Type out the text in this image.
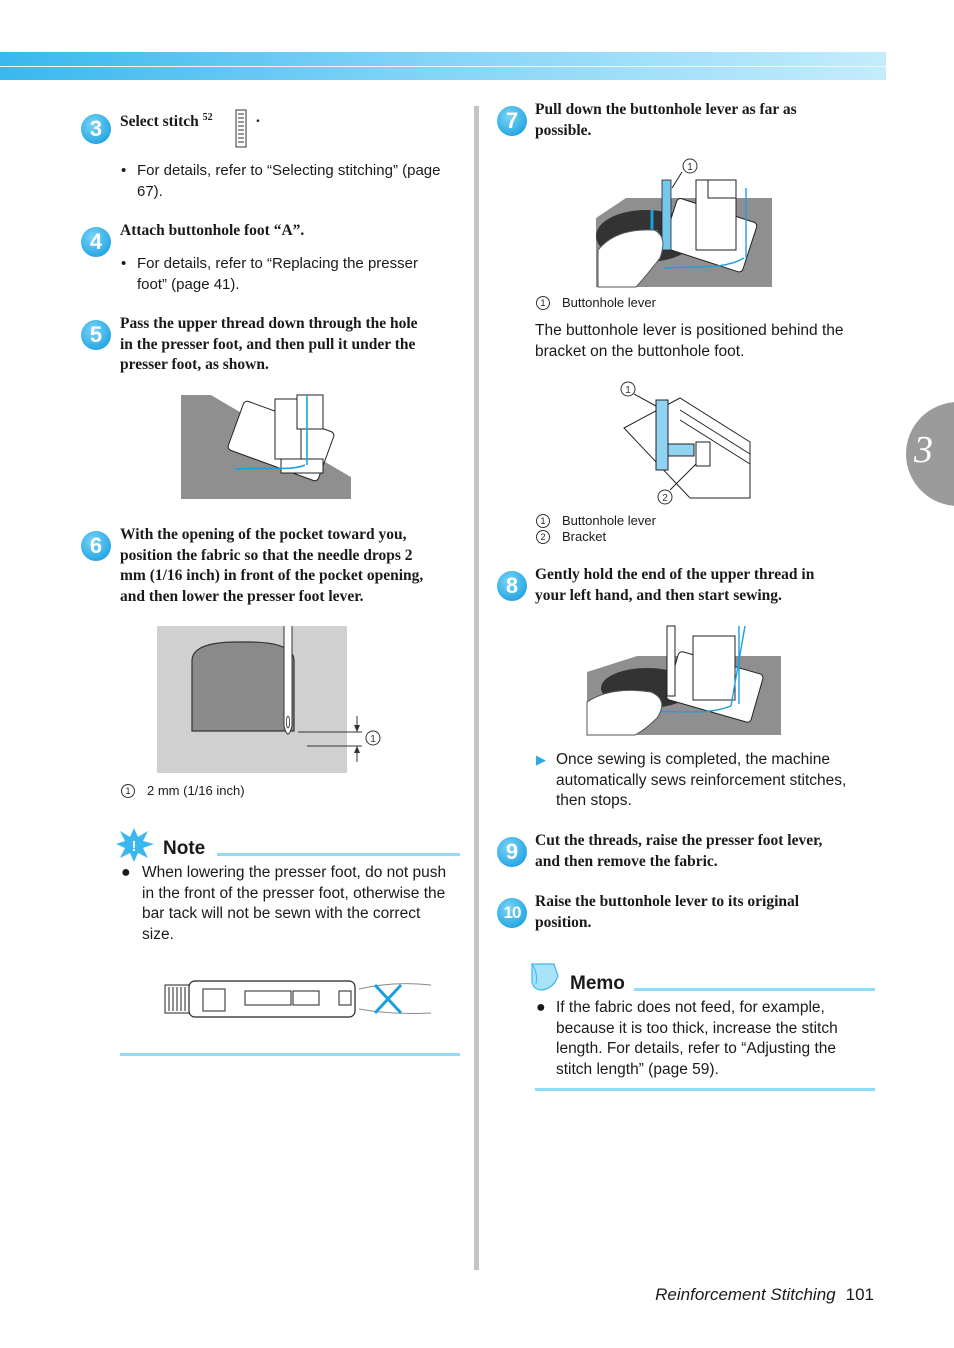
3
3	Select stitch $^{52}$	.
• For details, refer to “Selecting stitching” (page
67).
4	Attach buttonhole foot “A”.
• For details, refer to “Replacing the presser
foot” (page 41).
5	Pass the upper thread down through the hole
in the presser foot, and then pull it under the
presser foot, as shown.
6	With the opening of the pocket toward you,
position the fabric so that the needle drops 2
mm (1/16 inch) in front of the pocket opening,
and then lower the presser foot lever.
1
1 2 mm (1/16 inch)
! Note
● When lowering the presser foot, do not push
in the front of the presser foot, otherwise the
bar tack will not be sewn with the correct
size.
7	Pull down the buttonhole lever as far as
possible.
1
1 Buttonhole lever
The buttonhole lever is positioned behind the
bracket on the buttonhole foot.
1
2
1 Buttonhole lever
2 Bracket
8	Gently hold the end of the upper thread in
your left hand, and then start sewing.
▶ Once sewing is completed, the machine
automatically sews reinforcement stitches,
then stops.
9	Cut the threads, raise the presser foot lever,
and then remove the fabric.
10
Raise the buttonhole lever to its original
position.
Memo
● If the fabric does not feed, for example,
because it is too thick, increase the stitch
length. For details, refer to “Adjusting the
stitch length” (page 59).
Reinforcement Stitching 101
